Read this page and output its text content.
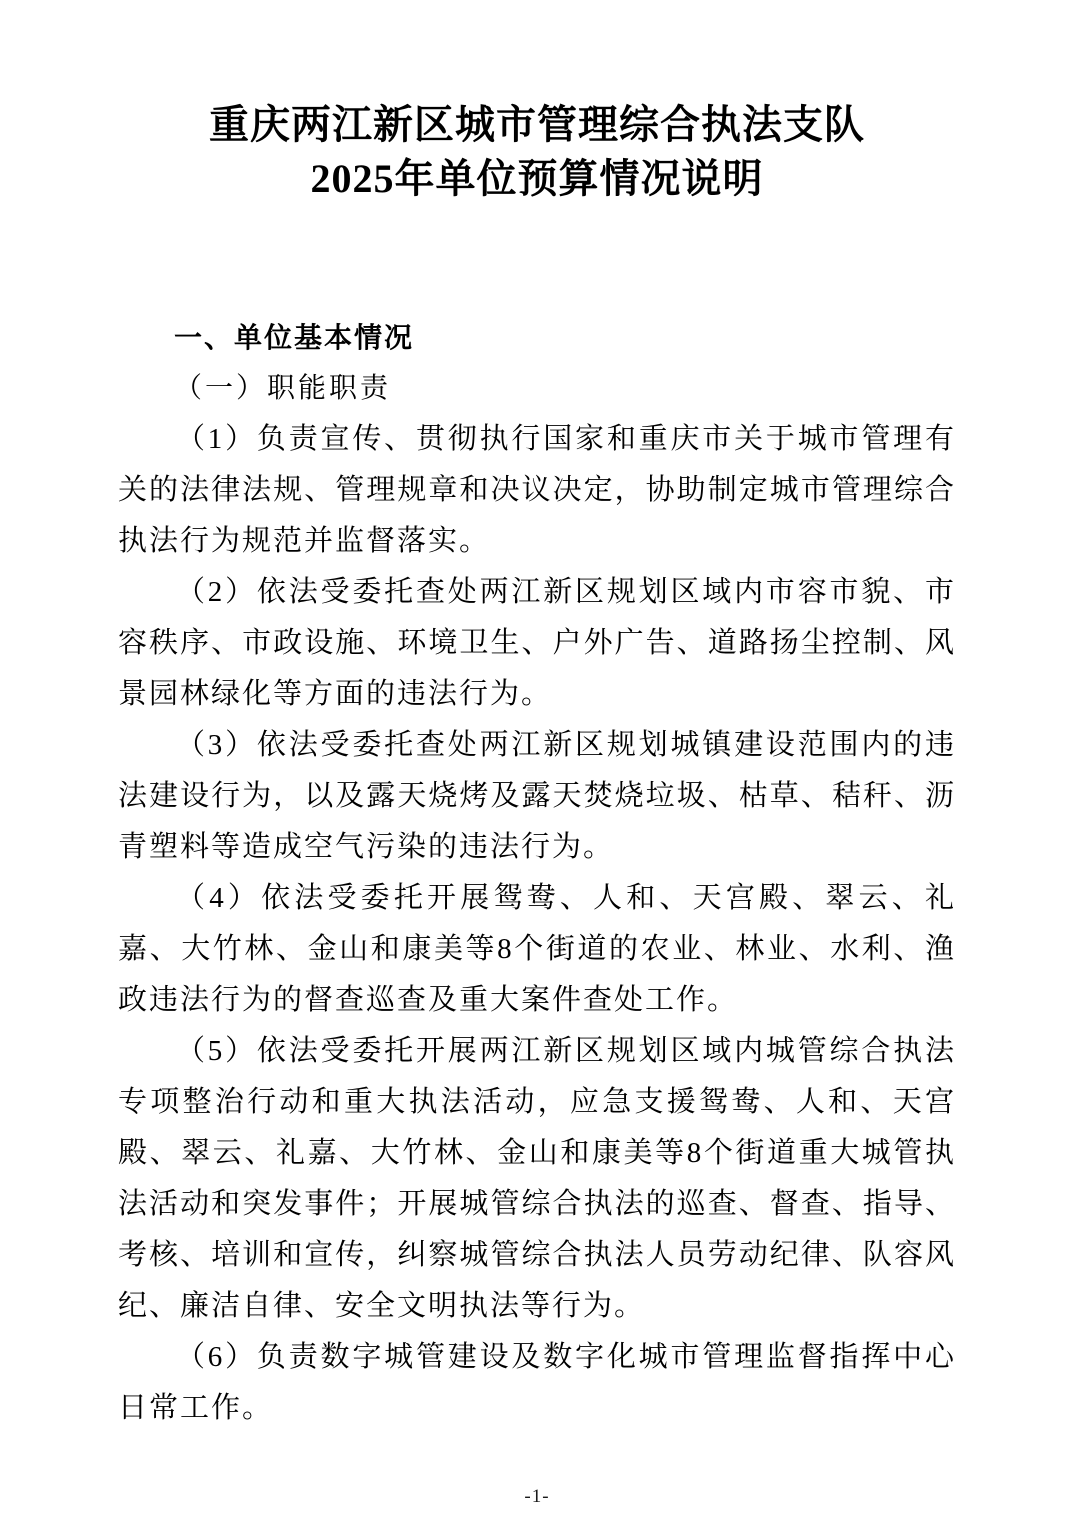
重庆两江新区城市管理综合执法支队
2025年单位预算情况说明
一、单位基本情况
（一）职能职责

（1）负责宣传、贯彻执行国家和重庆市关于城市管理有关的法律法规、管理规章和决议决定，协助制定城市管理综合执法行为规范并监督落实。

（2）依法受委托查处两江新区规划区域内市容市貌、市容秩序、市政设施、环境卫生、户外广告、道路扬尘控制、风景园林绿化等方面的违法行为。

（3）依法受委托查处两江新区规划城镇建设范围内的违法建设行为，以及露天烧烤及露天焚烧垃圾、枯草、秸秆、沥青塑料等造成空气污染的违法行为。

（4）依法受委托开展鸳鸯、人和、天宫殿、翠云、礼嘉、大竹林、金山和康美等8个街道的农业、林业、水利、渔政违法行为的督查巡查及重大案件查处工作。

（5）依法受委托开展两江新区规划区域内城管综合执法专项整治行动和重大执法活动，应急支援鸳鸯、人和、天宫殿、翠云、礼嘉、大竹林、金山和康美等8个街道重大城管执法活动和突发事件；开展城管综合执法的巡查、督查、指导、考核、培训和宣传，纠察城管综合执法人员劳动纪律、队容风纪、廉洁自律、安全文明执法等行为。

（6）负责数字城管建设及数字化城市管理监督指挥中心日常工作。

-1-
